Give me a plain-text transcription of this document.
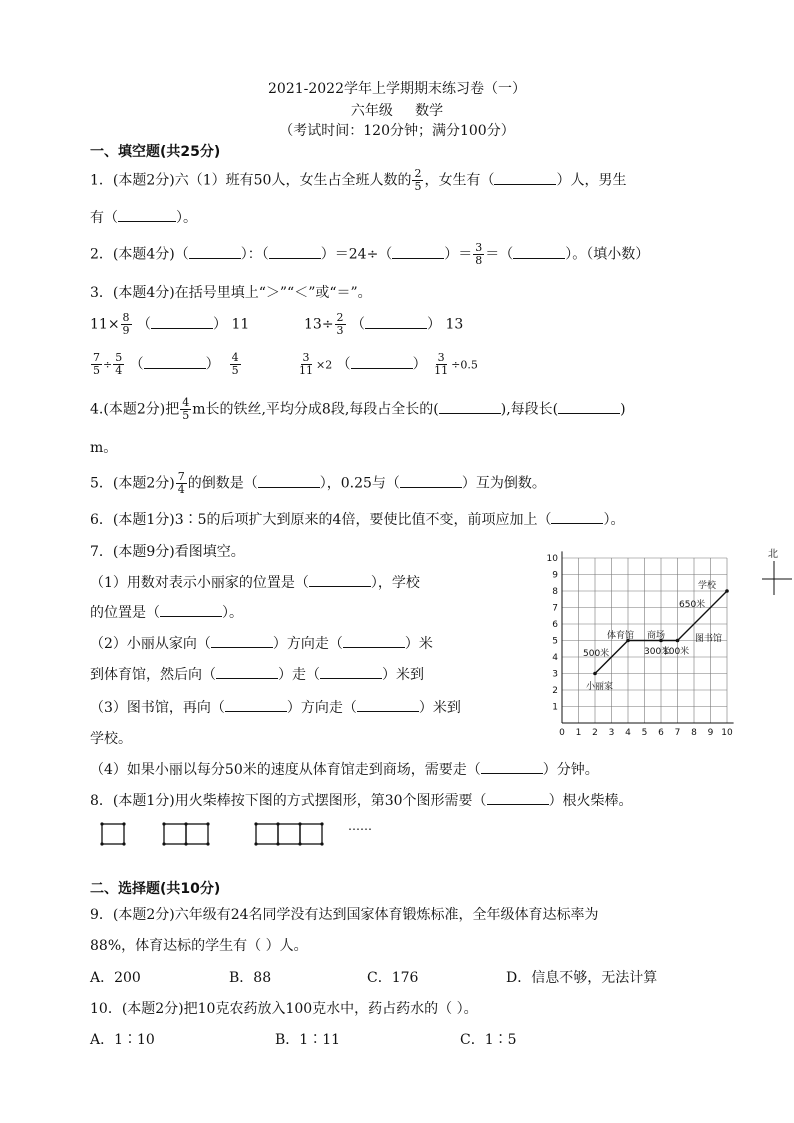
2021-2022学年上学期期末练习卷（一）
六年级 数学
（考试时间：120分钟；满分100分）
一、填空题(共25分)
1．(本题2分)六（1）班有50人，女生占全班人数的 $\frac{2}{5}$ ，女生有（	）人，男生
有（	）。
2．(本题4分)（	）：（	）＝24÷（	）＝ $\frac{3}{8}$ ＝（	）。（填小数）
3．(本题4分)在括号里填上“＞”“＜”或“＝”。
$11\times \frac{8}{9}$ （	） 11	$13\div \frac{2}{3}$ （	） 13
$\frac{7}{5} \div \frac{5}{4}$ （	） $\frac{4}{5}$	$\frac{3}{11} \times 2$ （	） $\frac{3}{11} \div 0.5$
4.(本题2分)把 $\frac{4}{5}$ m长的铁丝,平均分成8段,每段占全长的(	),每段长(	)
m。
5．(本题2分) $\frac{7}{4}$ 的倒数是（	），0.25与（	）互为倒数。
6．(本题1分)3∶5的后项扩大到原来的4倍，要使比值不变，前项应加上（	）。
7．(本题9分)看图填空。
（1）用数对表示小丽家的位置是（	），学校
的位置是（	）。
（2）小丽从家向（	）方向走（	）米
到体育馆，然后向（	）走（	）米到
（3）图书馆，再向（	）方向走（	）米到
学校。
（4）如果小丽以每分50米的速度从体育馆走到商场，需要走（	）分钟。
0 1 2 3 4 5 6 7 8 9 10
1
2
3
4
5
6
7
8
9
10
小丽家
体育馆 商场	图书馆
学校
500米	300米
100米
650米
北
8．(本题1分)用火柴棒按下图的方式摆图形，第30个图形需要（	）根火柴棒。
……
二、选择题(共10分)
9．(本题2分)六年级有24名同学没有达到国家体育锻炼标准，全年级体育达标率为
88%，体育达标的学生有（ ）人。
A．200	B．88	C．176	D．信息不够，无法计算
10．(本题2分)把10克农药放入100克水中，药占药水的（ ）。
A．1∶10	B．1∶11	C．1∶5
